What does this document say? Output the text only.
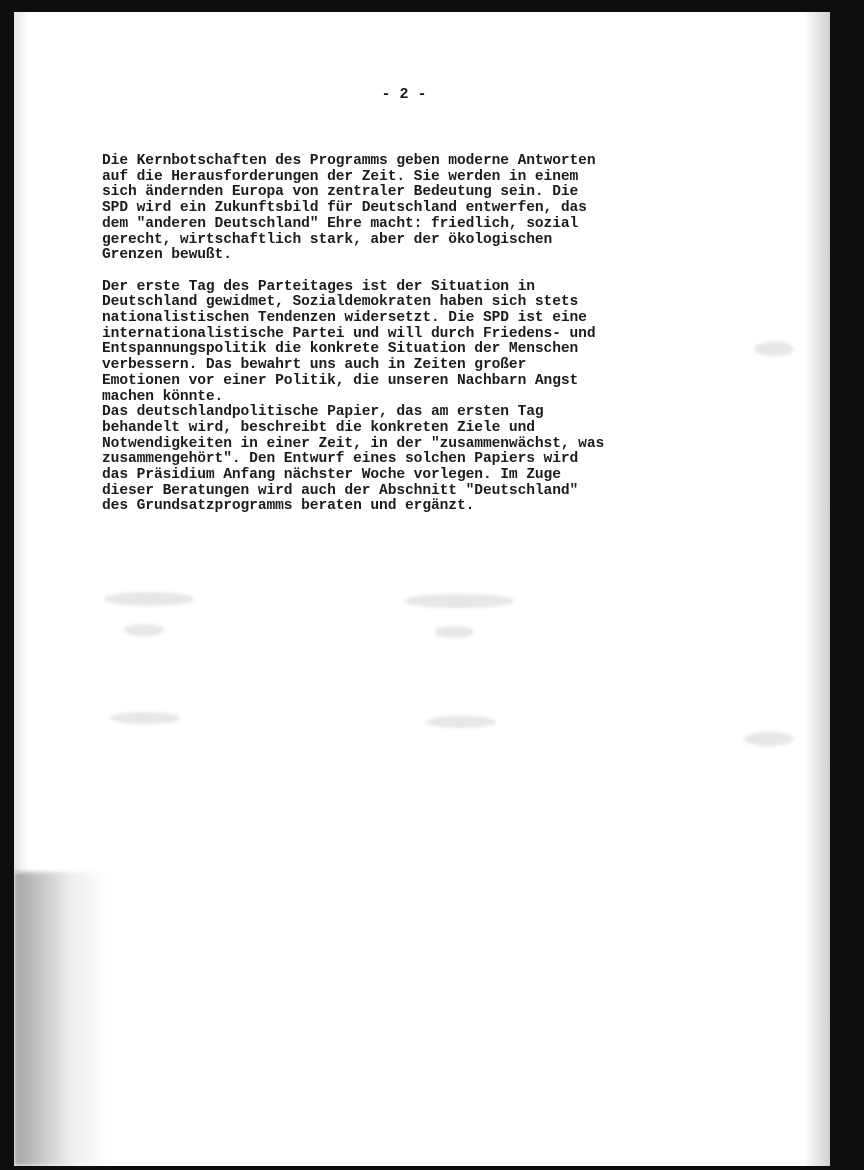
- 2 -
Die Kernbotschaften des Programms geben moderne Antworten
auf die Herausforderungen der Zeit. Sie werden in einem
sich ändernden Europa von zentraler Bedeutung sein. Die
SPD wird ein Zukunftsbild für Deutschland entwerfen, das
dem "anderen Deutschland" Ehre macht: friedlich, sozial
gerecht, wirtschaftlich stark, aber der ökologischen
Grenzen bewußt.
Der erste Tag des Parteitages ist der Situation in
Deutschland gewidmet, Sozialdemokraten haben sich stets
nationalistischen Tendenzen widersetzt. Die SPD ist eine
internationalistische Partei und will durch Friedens- und
Entspannungspolitik die konkrete Situation der Menschen
verbessern. Das bewahrt uns auch in Zeiten großer
Emotionen vor einer Politik, die unseren Nachbarn Angst
machen könnte.
Das deutschlandpolitische Papier, das am ersten Tag
behandelt wird, beschreibt die konkreten Ziele und
Notwendigkeiten in einer Zeit, in der "zusammenwächst, was
zusammengehört". Den Entwurf eines solchen Papiers wird
das Präsidium Anfang nächster Woche vorlegen. Im Zuge
dieser Beratungen wird auch der Abschnitt "Deutschland"
des Grundsatzprogramms beraten und ergänzt.
